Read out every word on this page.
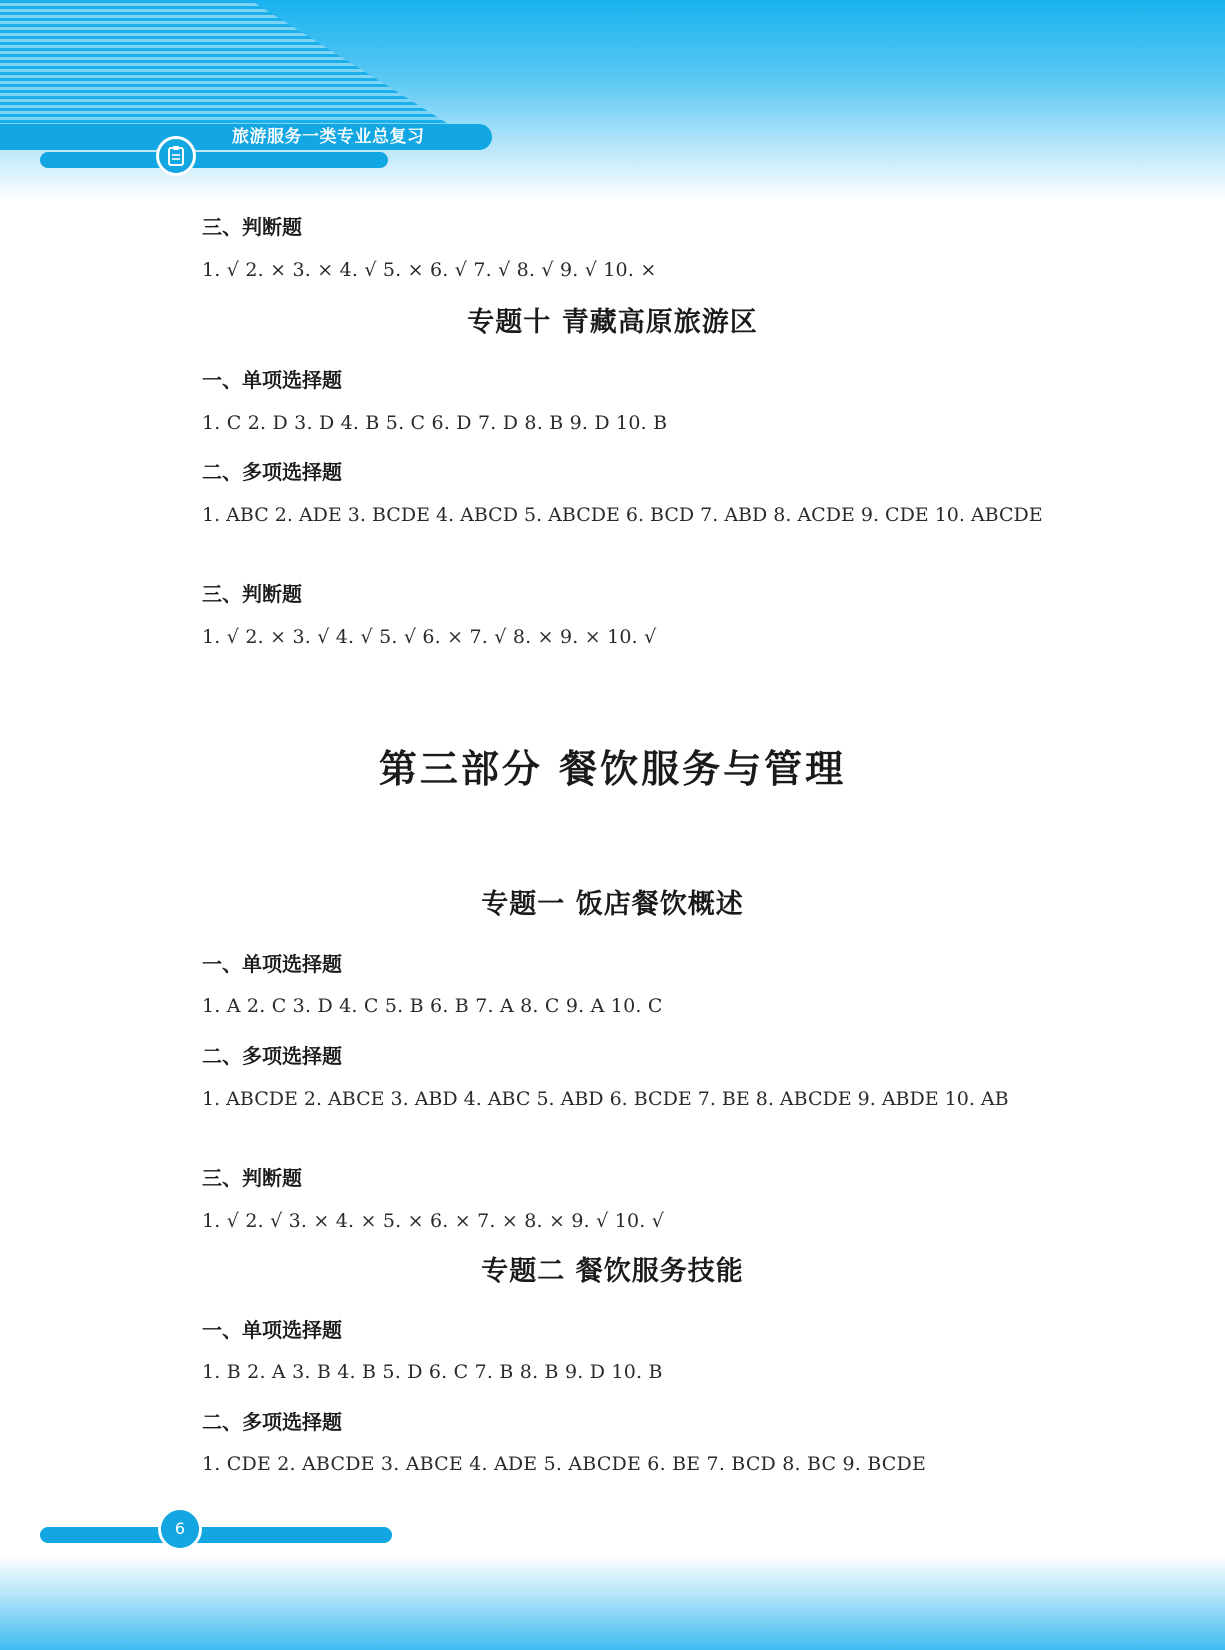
旅游服务一类专业总复习
三、判断题
1. √ 2. × 3. × 4. √ 5. × 6. √ 7. √ 8. √ 9. √ 10. ×
专题十 青藏高原旅游区
一、单项选择题
1. C 2. D 3. D 4. B 5. C 6. D 7. D 8. B 9. D 10. B
二、多项选择题
1. ABC 2. ADE 3. BCDE 4. ABCD 5. ABCDE 6. BCD 7. ABD 8. ACDE 9. CDE 10. ABCDE
三、判断题
1. √ 2. × 3. √ 4. √ 5. √ 6. × 7. √ 8. × 9. × 10. √
第三部分 餐饮服务与管理
专题一 饭店餐饮概述
一、单项选择题
1. A 2. C 3. D 4. C 5. B 6. B 7. A 8. C 9. A 10. C
二、多项选择题
1. ABCDE 2. ABCE 3. ABD 4. ABC 5. ABD 6. BCDE 7. BE 8. ABCDE 9. ABDE 10. AB
三、判断题
1. √ 2. √ 3. × 4. × 5. × 6. × 7. × 8. × 9. √ 10. √
专题二 餐饮服务技能
一、单项选择题
1. B 2. A 3. B 4. B 5. D 6. C 7. B 8. B 9. D 10. B
二、多项选择题
1. CDE 2. ABCDE 3. ABCE 4. ADE 5. ABCDE 6. BE 7. BCD 8. BC 9. BCDE
6
